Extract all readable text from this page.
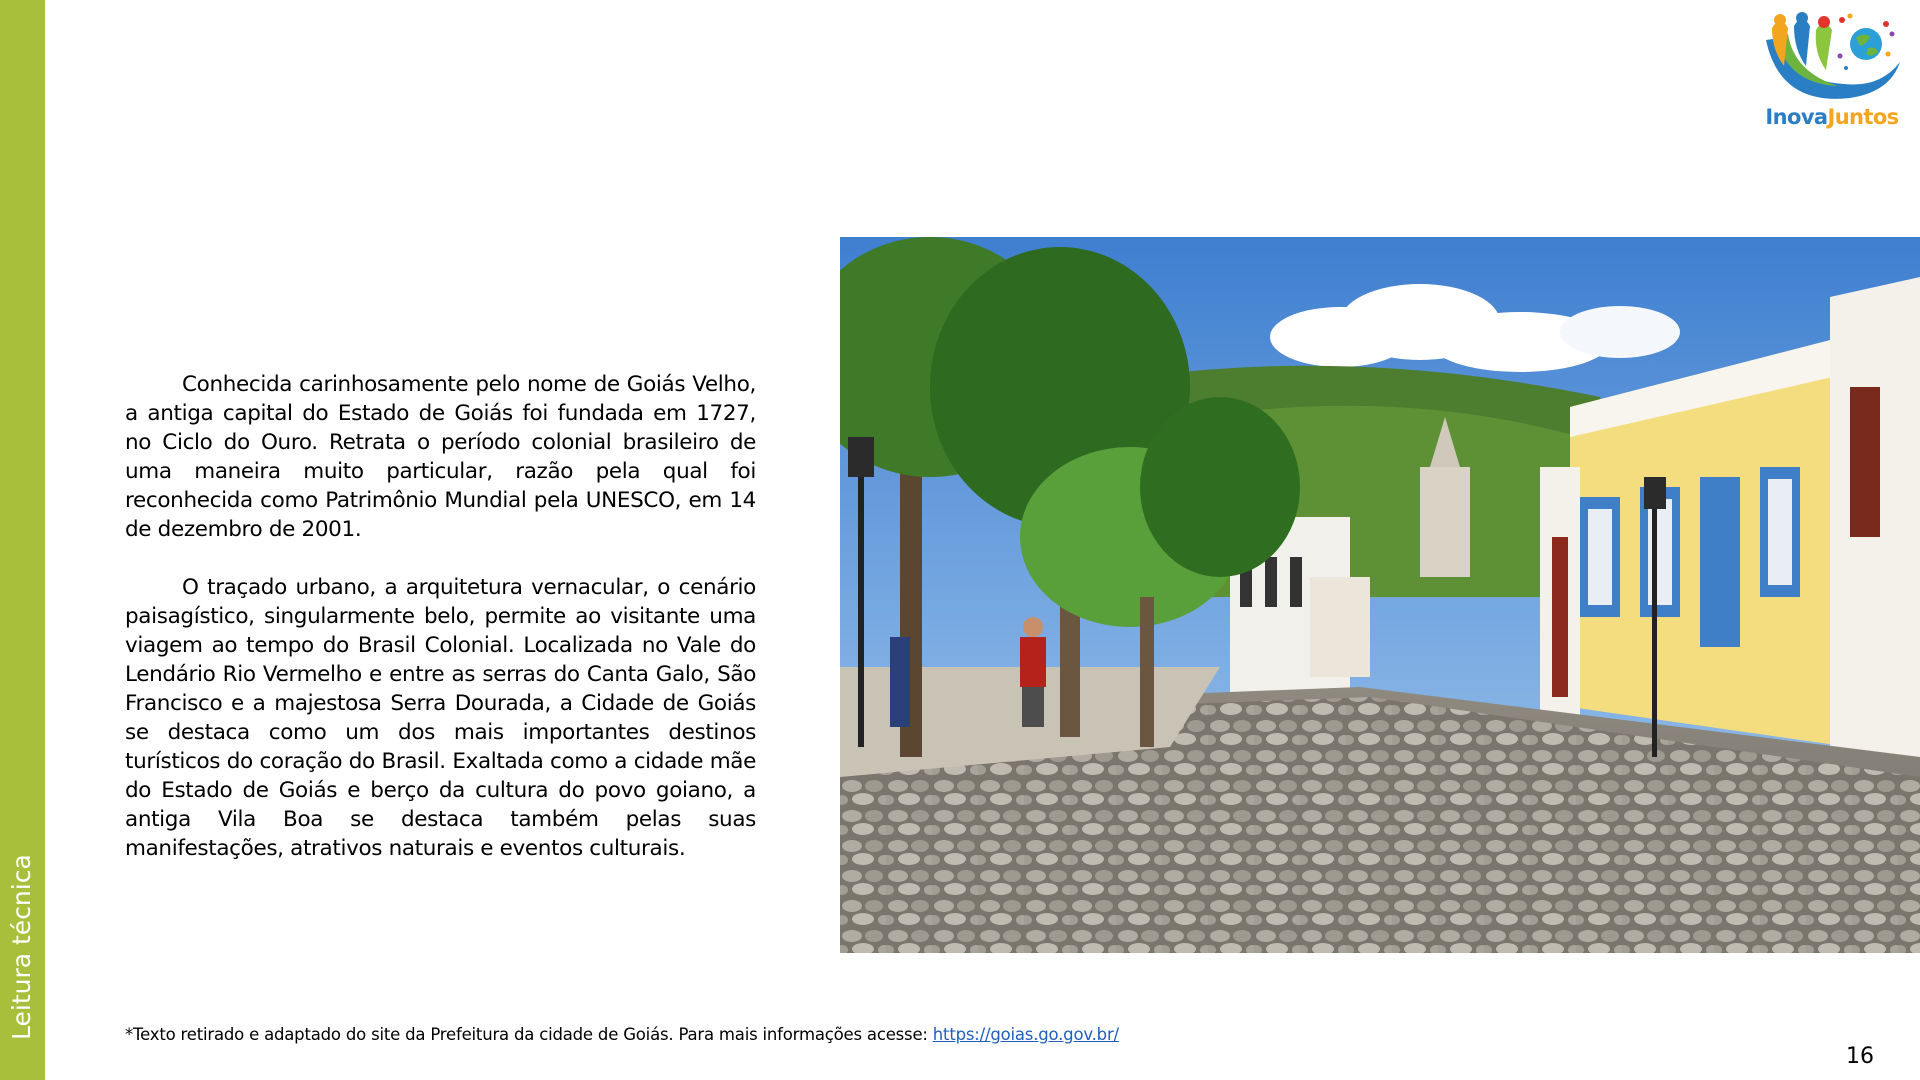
Leitura técnica
InovaJuntos

Conhecida carinhosamente pelo nome de Goiás Velho, a antiga capital do Estado de Goiás foi fundada em 1727, no Ciclo do Ouro. Retrata o período colonial brasileiro de uma maneira muito particular, razão pela qual foi reconhecida como Patrimônio Mundial pela UNESCO, em 14 de dezembro de 2001.

O traçado urbano, a arquitetura vernacular, o cenário paisagístico, singularmente belo, permite ao visitante uma viagem ao tempo do Brasil Colonial. Localizada no Vale do Lendário Rio Vermelho e entre as serras do Canta Galo, São Francisco e a majestosa Serra Dourada, a Cidade de Goiás se destaca como um dos mais importantes destinos turísticos do coração do Brasil. Exaltada como a cidade mãe do Estado de Goiás e berço da cultura do povo goiano, a antiga Vila Boa se destaca também pelas suas manifestações, atrativos naturais e eventos culturais.

*Texto retirado e adaptado do site da Prefeitura da cidade de Goiás. Para mais informações acesse: https://goias.go.gov.br/
16
